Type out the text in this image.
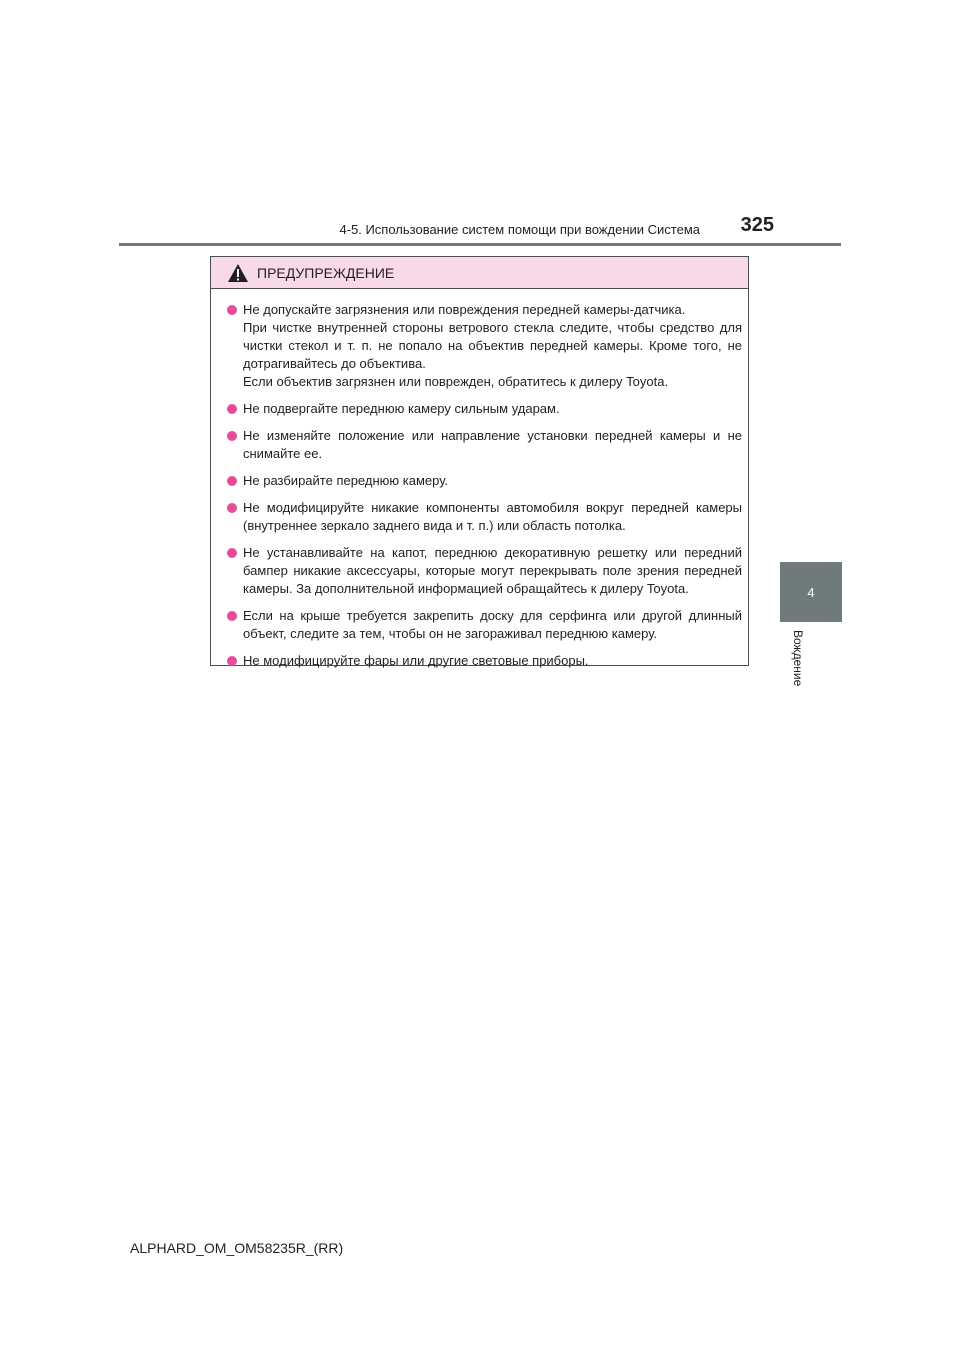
4-5. Использование систем помощи при вождении Система	325
4
Вождение
ПРЕДУПРЕЖДЕНИЕ
Не допускайте загрязнения или повреждения передней камеры-датчика.
При чистке внутренней стороны ветрового стекла следите, чтобы средство для чистки стекол и т. п. не попало на объектив передней камеры. Кроме того, не дотрагивайтесь до объектива.
Если объектив загрязнен или поврежден, обратитесь к дилеру Toyota.
Не подвергайте переднюю камеру сильным ударам.
Не изменяйте положение или направление установки передней камеры и не снимайте ее.
Не разбирайте переднюю камеру.
Не модифицируйте никакие компоненты автомобиля вокруг передней камеры (внутреннее зеркало заднего вида и т. п.) или область потолка.
Не устанавливайте на капот, переднюю декоративную решетку или передний бампер никакие аксессуары, которые могут перекрывать поле зрения передней камеры. За дополнительной информацией обращайтесь к дилеру Toyota.
Если на крыше требуется закрепить доску для серфинга или другой длинный объект, следите за тем, чтобы он не загораживал переднюю камеру.
Не модифицируйте фары или другие световые приборы.
ALPHARD_OM_OM58235R_(RR)
